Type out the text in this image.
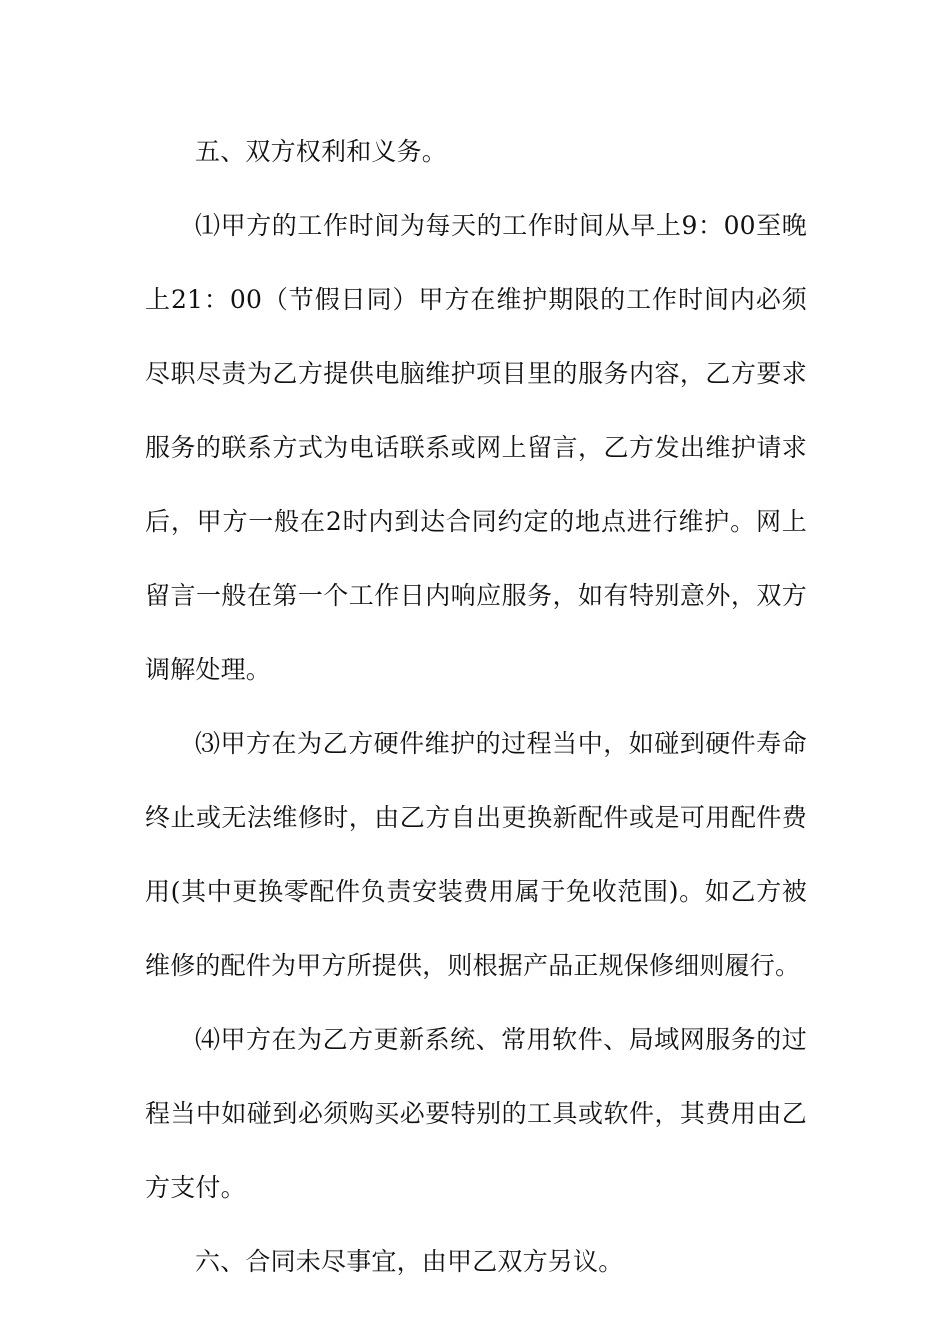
五、双方权利和义务。

⑴甲方的工作时间为每天的工作时间从早上9：00至晚上21：00（节假日同）甲方在维护期限的工作时间内必须尽职尽责为乙方提供电脑维护项目里的服务内容，乙方要求服务的联系方式为电话联系或网上留言，乙方发出维护请求后，甲方一般在2时内到达合同约定的地点进行维护。网上留言一般在第一个工作日内响应服务，如有特别意外，双方调解处理。

⑶甲方在为乙方硬件维护的过程当中，如碰到硬件寿命终止或无法维修时，由乙方自出更换新配件或是可用配件费用(其中更换零配件负责安装费用属于免收范围)。如乙方被维修的配件为甲方所提供，则根据产品正规保修细则履行。

⑷甲方在为乙方更新系统、常用软件、局域网服务的过程当中如碰到必须购买必要特别的工具或软件，其费用由乙方支付。

六、合同未尽事宜，由甲乙双方另议。
